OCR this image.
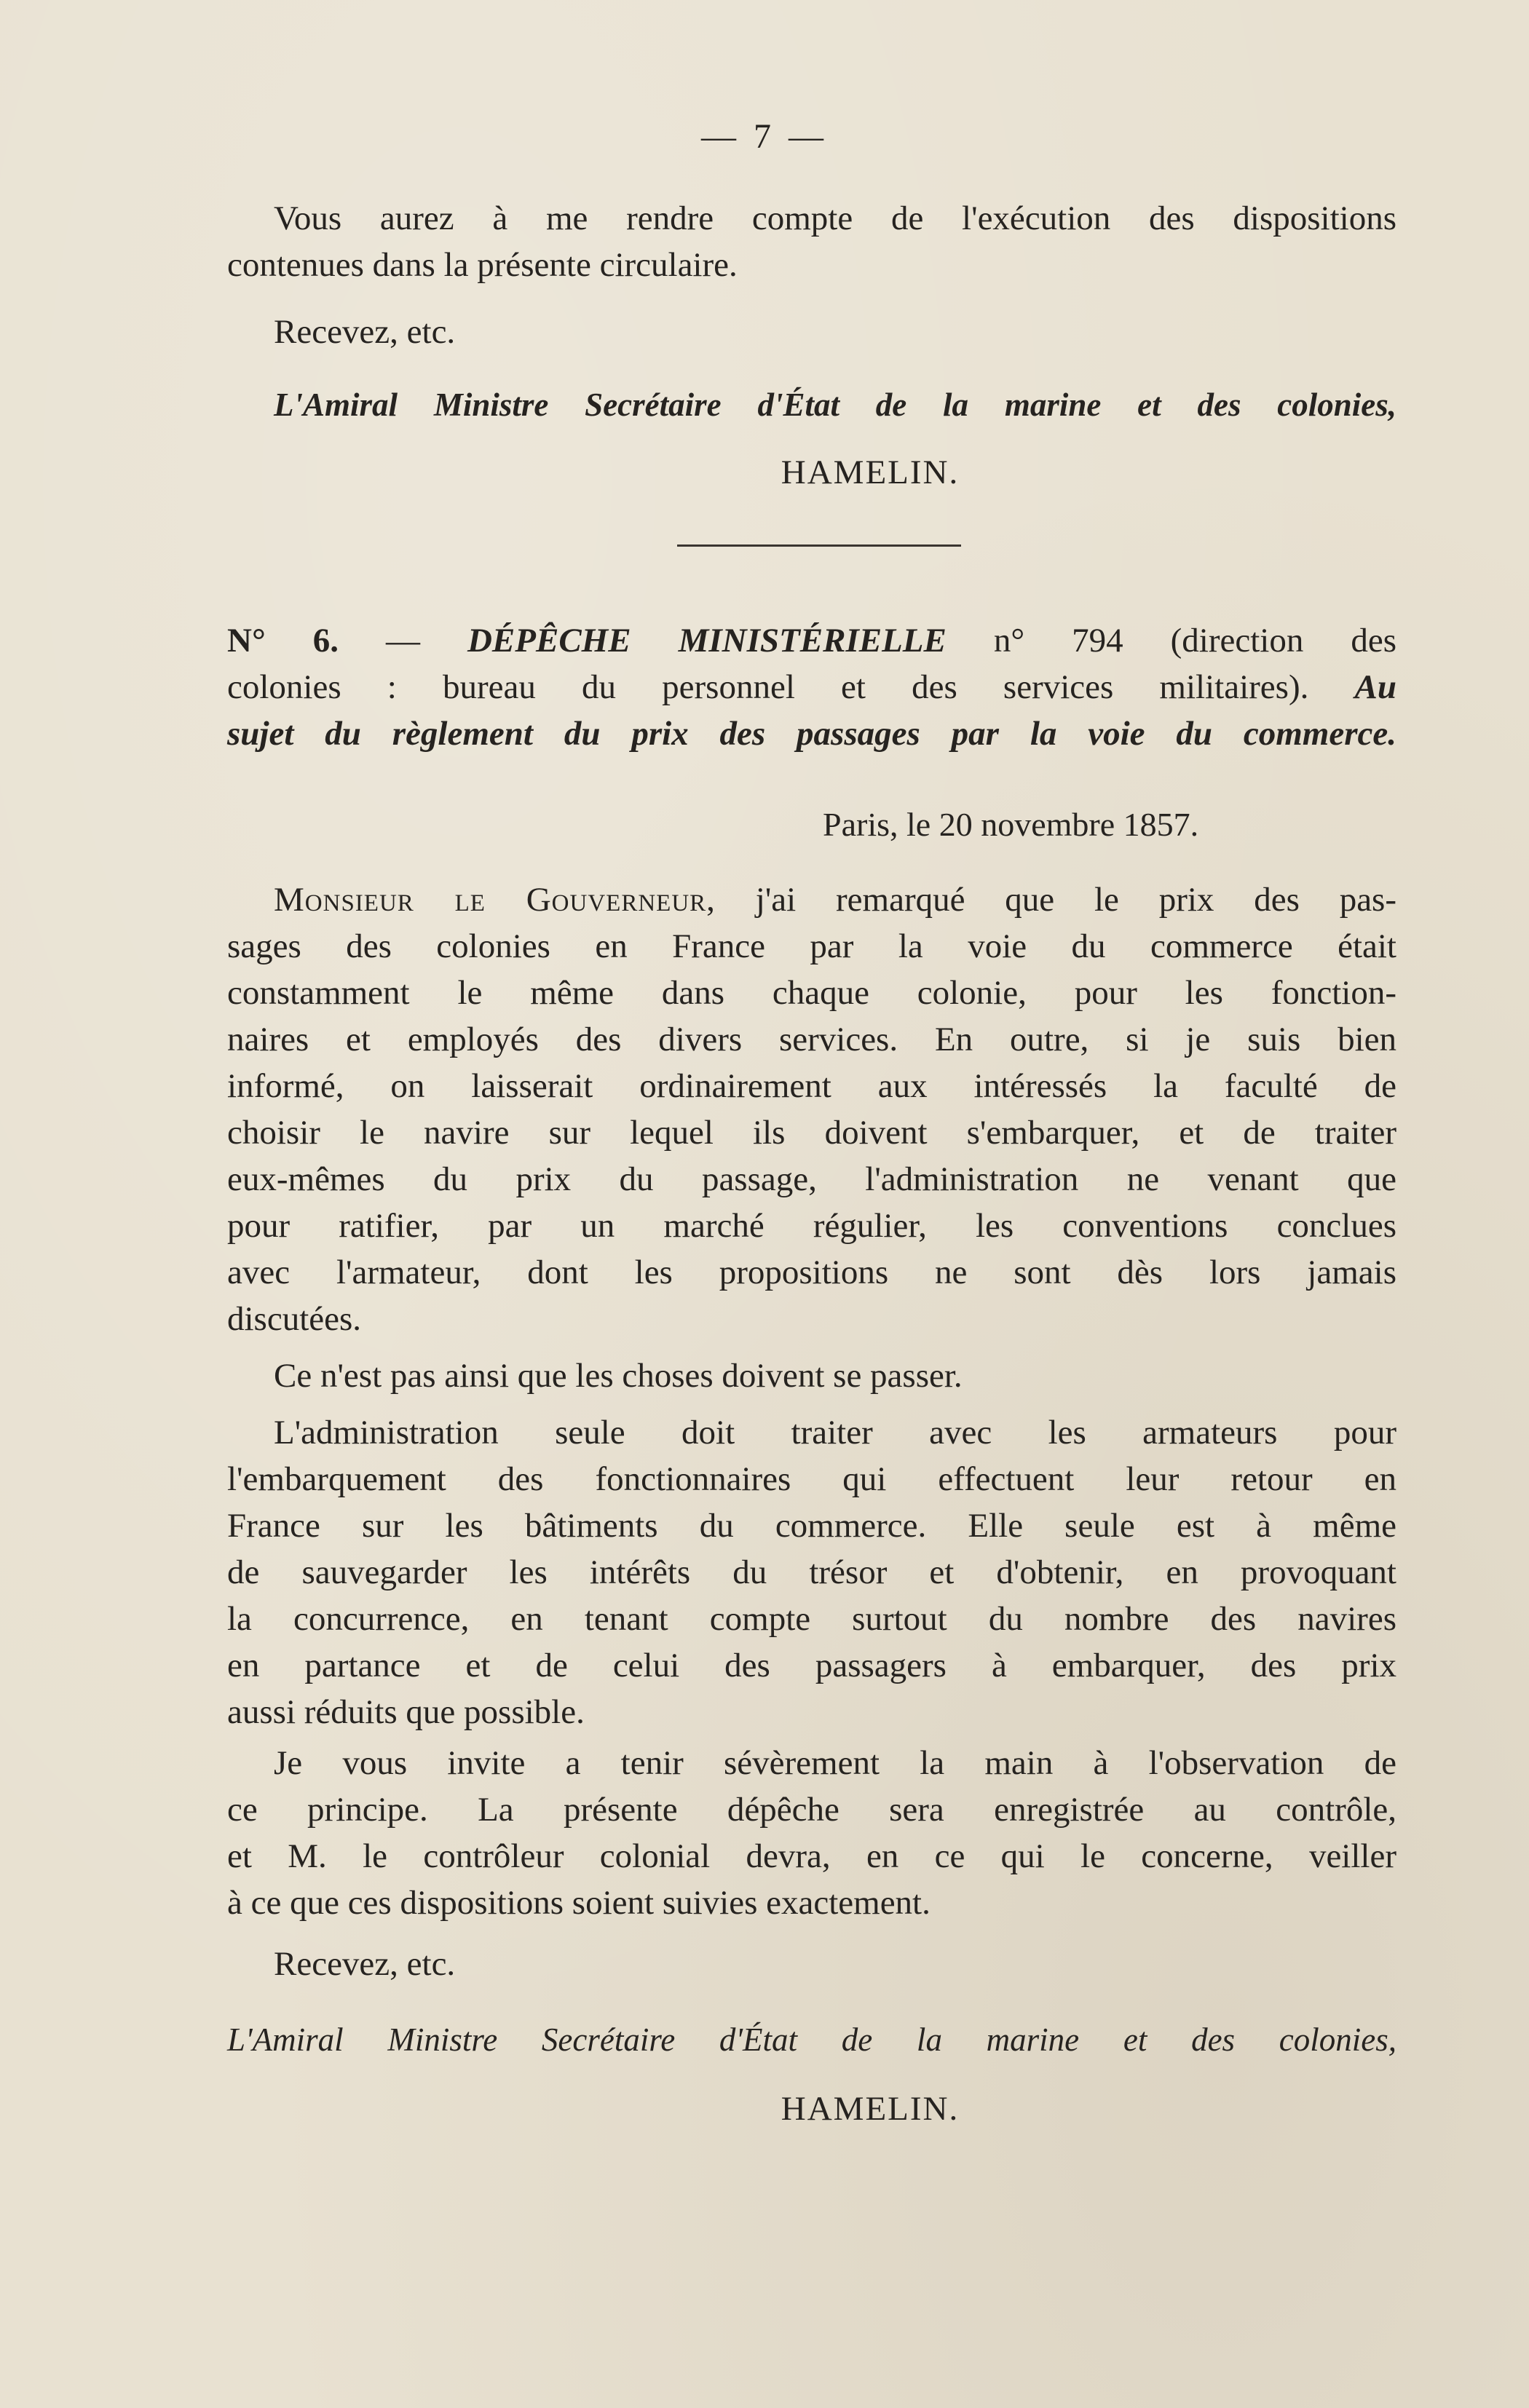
— 7 —
Vous aurez à me rendre compte de l'exécution des dispositions
contenues dans la présente circulaire.
Recevez, etc.
L'Amiral Ministre Secrétaire d'État de la marine et des colonies,
HAMELIN.
N° 6. — DÉPÊCHE MINISTÉRIELLE n° 794 (direction des
colonies : bureau du personnel et des services militaires). Au
sujet du règlement du prix des passages par la voie du commerce.
Paris, le 20 novembre 1857.
Monsieur le Gouverneur, j'ai remarqué que le prix des pas-
sages des colonies en France par la voie du commerce était
constamment le même dans chaque colonie, pour les fonction-
naires et employés des divers services. En outre, si je suis bien
informé, on laisserait ordinairement aux intéressés la faculté de
choisir le navire sur lequel ils doivent s'embarquer, et de traiter
eux-mêmes du prix du passage, l'administration ne venant que
pour ratifier, par un marché régulier, les conventions conclues
avec l'armateur, dont les propositions ne sont dès lors jamais
discutées.
Ce n'est pas ainsi que les choses doivent se passer.
L'administration seule doit traiter avec les armateurs pour
l'embarquement des fonctionnaires qui effectuent leur retour en
France sur les bâtiments du commerce. Elle seule est à même
de sauvegarder les intérêts du trésor et d'obtenir, en provoquant
la concurrence, en tenant compte surtout du nombre des navires
en partance et de celui des passagers à embarquer, des prix
aussi réduits que possible.
Je vous invite a tenir sévèrement la main à l'observation de
ce principe. La présente dépêche sera enregistrée au contrôle,
et M. le contrôleur colonial devra, en ce qui le concerne, veiller
à ce que ces dispositions soient suivies exactement.
Recevez, etc.
L'Amiral Ministre Secrétaire d'État de la marine et des colonies,
HAMELIN.
